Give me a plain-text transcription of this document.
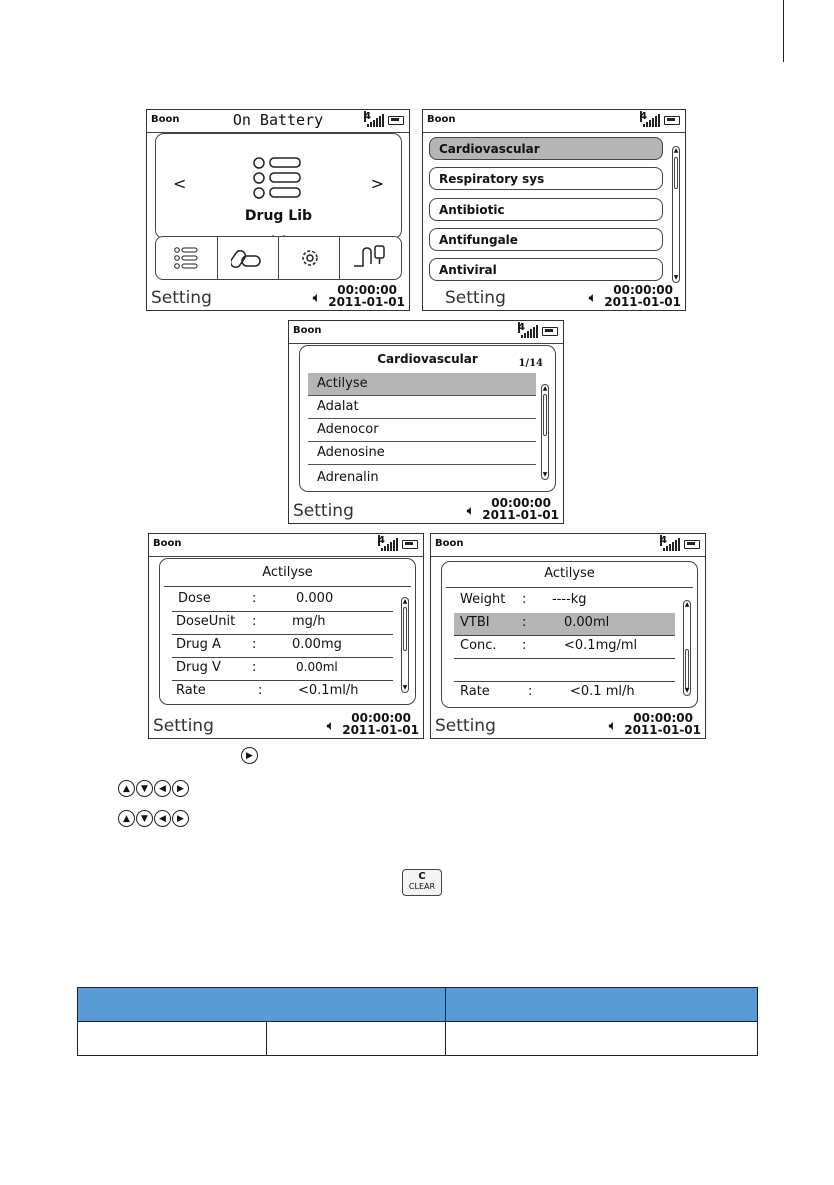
Boon	On Battery	4
<	>
Drug Lib
Setting	🔈︎	00:00:00
2011-01-01
Boon	4
Cardiovascular
Respiratory sys
Antibiotic
Antifungale
Antiviral
▲
▼
Setting	🔈︎	00:00:00
2011-01-01
Boon	4
Cardiovascular	1/14
Actilyse
Adalat
Adenocor
Adenosine
Adrenalin
▲
▼
Setting	🔈︎	00:00:00
2011-01-01
Boon	4
Actilyse
Dose	:	0.000
DoseUnit :	mg/h
Drug A :	0.00mg
Drug V :	0.00ml
Rate	:	<0.1ml/h
▲
▼
Setting	🔈︎	00:00:00
2011-01-01
Boon	4
Actilyse
Weight : ----kg
VTBI :	0.00ml
Conc. :	<0.1mg/ml
Rate	:	<0.1 ml/h
▲
▼
Setting	🔈︎	00:00:00
2011-01-01
▶
▲ ▼ ◀ ▶
▲ ▼ ◀ ▶
C
CLEAR
